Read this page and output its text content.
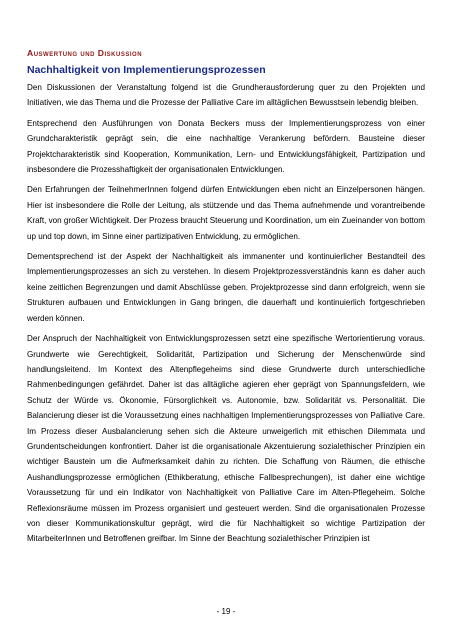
Auswertung und Diskussion
Nachhaltigkeit von Implementierungsprozessen

Den Diskussionen der Veranstaltung folgend ist die Grundherausforderung quer zu den Projekten und Initiativen, wie das Thema und die Prozesse der Palliative Care im alltäglichen Bewusstsein lebendig bleiben.

Entsprechend den Ausführungen von Donata Beckers muss der Implementierungsprozess von einer Grundcharakteristik geprägt sein, die eine nachhaltige Verankerung befördern. Bausteine dieser Projektcharakteristik sind Kooperation, Kommunikation, Lern- und Entwicklungsfähigkeit, Partizipation und insbesondere die Prozesshaftigkeit der organisationalen Entwicklungen.

Den Erfahrungen der TeilnehmerInnen folgend dürfen Entwicklungen eben nicht an Einzelpersonen hängen. Hier ist insbesondere die Rolle der Leitung, als stützende und das Thema aufnehmende und vorantreibende Kraft, von großer Wichtigkeit. Der Prozess braucht Steuerung und Koordination, um ein Zueinander von bottom up und top down, im Sinne einer partizipativen Entwicklung, zu ermöglichen.

Dementsprechend ist der Aspekt der Nachhaltigkeit als immanenter und kontinuierlicher Bestandteil des Implementierungsprozesses an sich zu verstehen. In diesem Projektprozessverständnis kann es daher auch keine zeitlichen Begrenzungen und damit Abschlüsse geben. Projektprozesse sind dann erfolgreich, wenn sie Strukturen aufbauen und Entwicklungen in Gang bringen, die dauerhaft und kontinuierlich fortgeschrieben werden können.

Der Anspruch der Nachhaltigkeit von Entwicklungsprozessen setzt eine spezifische Wertorientierung voraus. Grundwerte wie Gerechtigkeit, Solidarität, Partizipation und Sicherung der Menschenwürde sind handlungsleitend. Im Kontext des Altenpflegeheims sind diese Grundwerte durch unterschiedliche Rahmenbedingungen gefährdet. Daher ist das alltägliche agieren eher geprägt von Spannungsfeldern, wie Schutz der Würde vs. Ökonomie, Fürsorglichkeit vs. Autonomie, bzw. Solidarität vs. Personalität. Die Balancierung dieser ist die Voraussetzung eines nachhaltigen Implementierungsprozesses von Palliative Care. Im Prozess dieser Ausbalancierung sehen sich die Akteure unweigerlich mit ethischen Dilemmata und Grundentscheidungen konfrontiert. Daher ist die organisationale Akzentuierung sozialethischer Prinzipien ein wichtiger Baustein um die Aufmerksamkeit dahin zu richten. Die Schaffung von Räumen, die ethische Aushandlungsprozesse ermöglichen (Ethikberatung, ethische Fallbesprechungen), ist daher eine wichtige Voraussetzung für und ein Indikator von Nachhaltigkeit von Palliative Care im Alten-Pflegeheim. Solche Reflexionsräume müssen im Prozess organisiert und gesteuert werden. Sind die organisationalen Prozesse von dieser Kommunikationskultur geprägt, wird die für Nachhaltigkeit so wichtige Partizipation der MitarbeiterInnen und Betroffenen greifbar. Im Sinne der Beachtung sozialethischer Prinzipien ist

- 19 -
